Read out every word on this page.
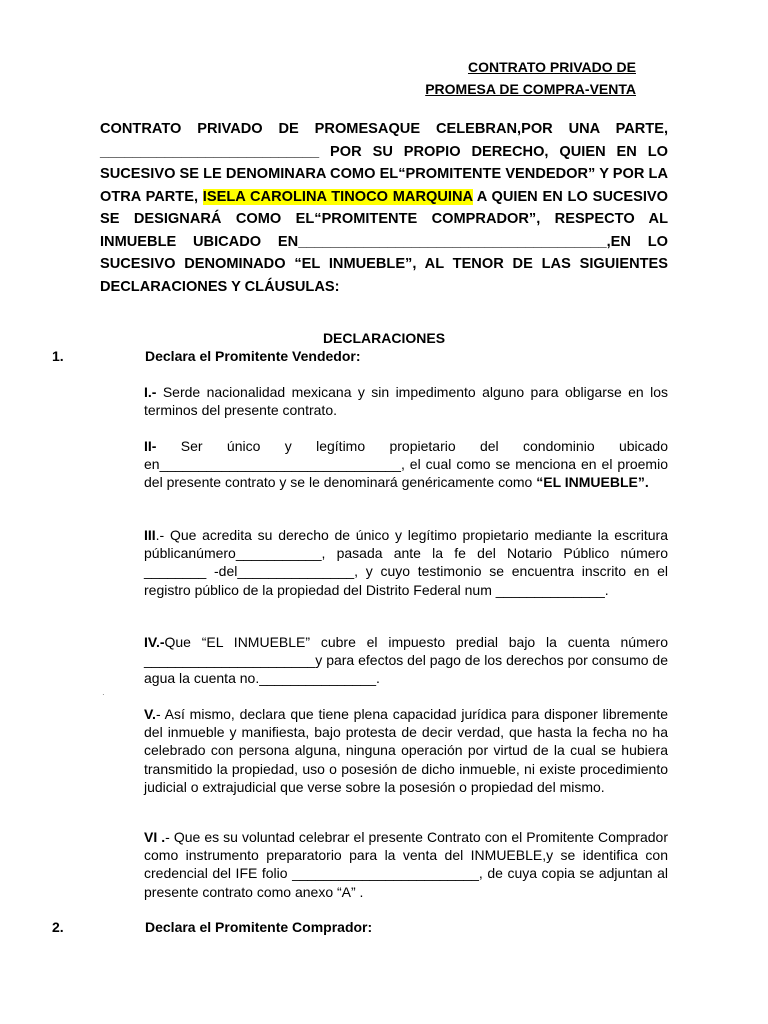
CONTRATO PRIVADO DE
PROMESA DE COMPRA-VENTA
CONTRATO PRIVADO DE PROMESAQUE CELEBRAN,POR UNA PARTE, ___________________________ POR SU PROPIO DERECHO, QUIEN EN LO SUCESIVO SE LE DENOMINARA COMO EL“PROMITENTE VENDEDOR” Y POR LA OTRA PARTE, ISELA CAROLINA TINOCO MARQUINA A QUIEN EN LO SUCESIVO SE DESIGNARÁ COMO EL“PROMITENTE COMPRADOR”, RESPECTO AL INMUEBLE UBICADO EN______________________________________,EN LO SUCESIVO DENOMINADO “EL INMUEBLE”, AL TENOR DE LAS SIGUIENTES DECLARACIONES Y CLÁUSULAS:
DECLARACIONES
1.	Declara el Promitente Vendedor:
I.- Serde nacionalidad mexicana y sin impedimento alguno para obligarse en los terminos del presente contrato.
II- Ser único y legítimo propietario del condominio ubicado en_______________________________, el cual como se menciona en el proemio del presente contrato y se le denominará genéricamente como “EL INMUEBLE”.
III.- Que acredita su derecho de único y legítimo propietario mediante la escritura públicanúmero___________, pasada ante la fe del Notario Público número ________ -del_______________, y cuyo testimonio se encuentra inscrito en el registro público de la propiedad del Distrito Federal num ______________.
IV.-Que “EL INMUEBLE” cubre el impuesto predial bajo la cuenta número ______________________y para efectos del pago de los derechos por consumo de agua la cuenta no._______________.
·
V.- Así mismo, declara que tiene plena capacidad jurídica para disponer libremente del inmueble y manifiesta, bajo protesta de decir verdad, que hasta la fecha no ha celebrado con persona alguna, ninguna operación por virtud de la cual se hubiera transmitido la propiedad, uso o posesión de dicho inmueble, ni existe procedimiento judicial o extrajudicial que verse sobre la posesión o propiedad del mismo.
VI .- Que es su voluntad celebrar el presente Contrato con el Promitente Comprador como instrumento preparatorio para la venta del INMUEBLE,y se identifica con credencial del IFE folio ________________________, de cuya copia se adjuntan al presente contrato como anexo “A” .
2.	Declara el Promitente Comprador:
